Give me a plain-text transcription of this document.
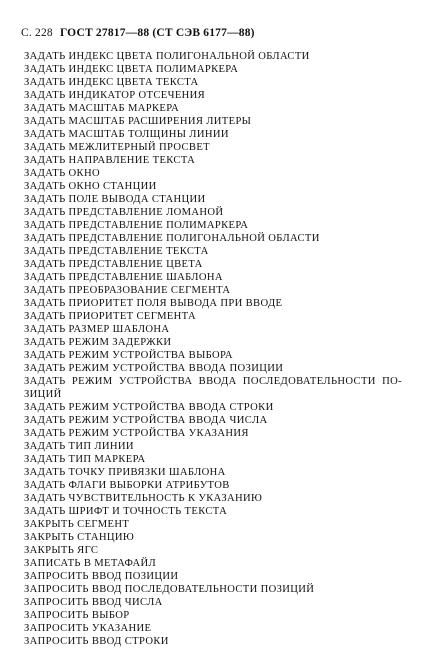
С. 228 ГОСТ 27817—88 (СТ СЭВ 6177—88)
ЗАДАТЬ ИНДЕКС ЦВЕТА ПОЛИГОНАЛЬНОЙ ОБЛАСТИ
ЗАДАТЬ ИНДЕКС ЦВЕТА ПОЛИМАРКЕРА
ЗАДАТЬ ИНДЕКС ЦВЕТА ТЕКСТА
ЗАДАТЬ ИНДИКАТОР ОТСЕЧЕНИЯ
ЗАДАТЬ МАСШТАБ МАРКЕРА
ЗАДАТЬ МАСШТАБ РАСШИРЕНИЯ ЛИТЕРЫ
ЗАДАТЬ МАСШТАБ ТОЛЩИНЫ ЛИНИИ
ЗАДАТЬ МЕЖЛИТЕРНЫЙ ПРОСВЕТ
ЗАДАТЬ НАПРАВЛЕНИЕ ТЕКСТА
ЗАДАТЬ ОКНО
ЗАДАТЬ ОКНО СТАНЦИИ
ЗАДАТЬ ПОЛЕ ВЫВОДА СТАНЦИИ
ЗАДАТЬ ПРЕДСТАВЛЕНИЕ ЛОМАНОЙ
ЗАДАТЬ ПРЕДСТАВЛЕНИЕ ПОЛИМАРКЕРА
ЗАДАТЬ ПРЕДСТАВЛЕНИЕ ПОЛИГОНАЛЬНОЙ ОБЛАСТИ
ЗАДАТЬ ПРЕДСТАВЛЕНИЕ ТЕКСТА
ЗАДАТЬ ПРЕДСТАВЛЕНИЕ ЦВЕТА
ЗАДАТЬ ПРЕДСТАВЛЕНИЕ ШАБЛОНА
ЗАДАТЬ ПРЕОБРАЗОВАНИЕ СЕГМЕНТА
ЗАДАТЬ ПРИОРИТЕТ ПОЛЯ ВЫВОДА ПРИ ВВОДЕ
ЗАДАТЬ ПРИОРИТЕТ СЕГМЕНТА
ЗАДАТЬ РАЗМЕР ШАБЛОНА
ЗАДАТЬ РЕЖИМ ЗАДЕРЖКИ
ЗАДАТЬ РЕЖИМ УСТРОЙСТВА ВЫБОРА
ЗАДАТЬ РЕЖИМ УСТРОЙСТВА ВВОДА ПОЗИЦИИ
ЗАДАТЬ РЕЖИМ УСТРОЙСТВА ВВОДА ПОСЛЕДОВАТЕЛЬНОСТИ ПО-
ЗИЦИЙ
ЗАДАТЬ РЕЖИМ УСТРОЙСТВА ВВОДА СТРОКИ
ЗАДАТЬ РЕЖИМ УСТРОЙСТВА ВВОДА ЧИСЛА
ЗАДАТЬ РЕЖИМ УСТРОЙСТВА УКАЗАНИЯ
ЗАДАТЬ ТИП ЛИНИИ
ЗАДАТЬ ТИП МАРКЕРА
ЗАДАТЬ ТОЧКУ ПРИВЯЗКИ ШАБЛОНА
ЗАДАТЬ ФЛАГИ ВЫБОРКИ АТРИБУТОВ
ЗАДАТЬ ЧУВСТВИТЕЛЬНОСТЬ К УКАЗАНИЮ
ЗАДАТЬ ШРИФТ И ТОЧНОСТЬ ТЕКСТА
ЗАКРЫТЬ СЕГМЕНТ
ЗАКРЫТЬ СТАНЦИЮ
ЗАКРЫТЬ ЯГС
ЗАПИСАТЬ В МЕТАФАЙЛ
ЗАПРОСИТЬ ВВОД ПОЗИЦИИ
ЗАПРОСИТЬ ВВОД ПОСЛЕДОВАТЕЛЬНОСТИ ПОЗИЦИЙ
ЗАПРОСИТЬ ВВОД ЧИСЛА
ЗАПРОСИТЬ ВЫБОР
ЗАПРОСИТЬ УКАЗАНИЕ
ЗАПРОСИТЬ ВВОД СТРОКИ
